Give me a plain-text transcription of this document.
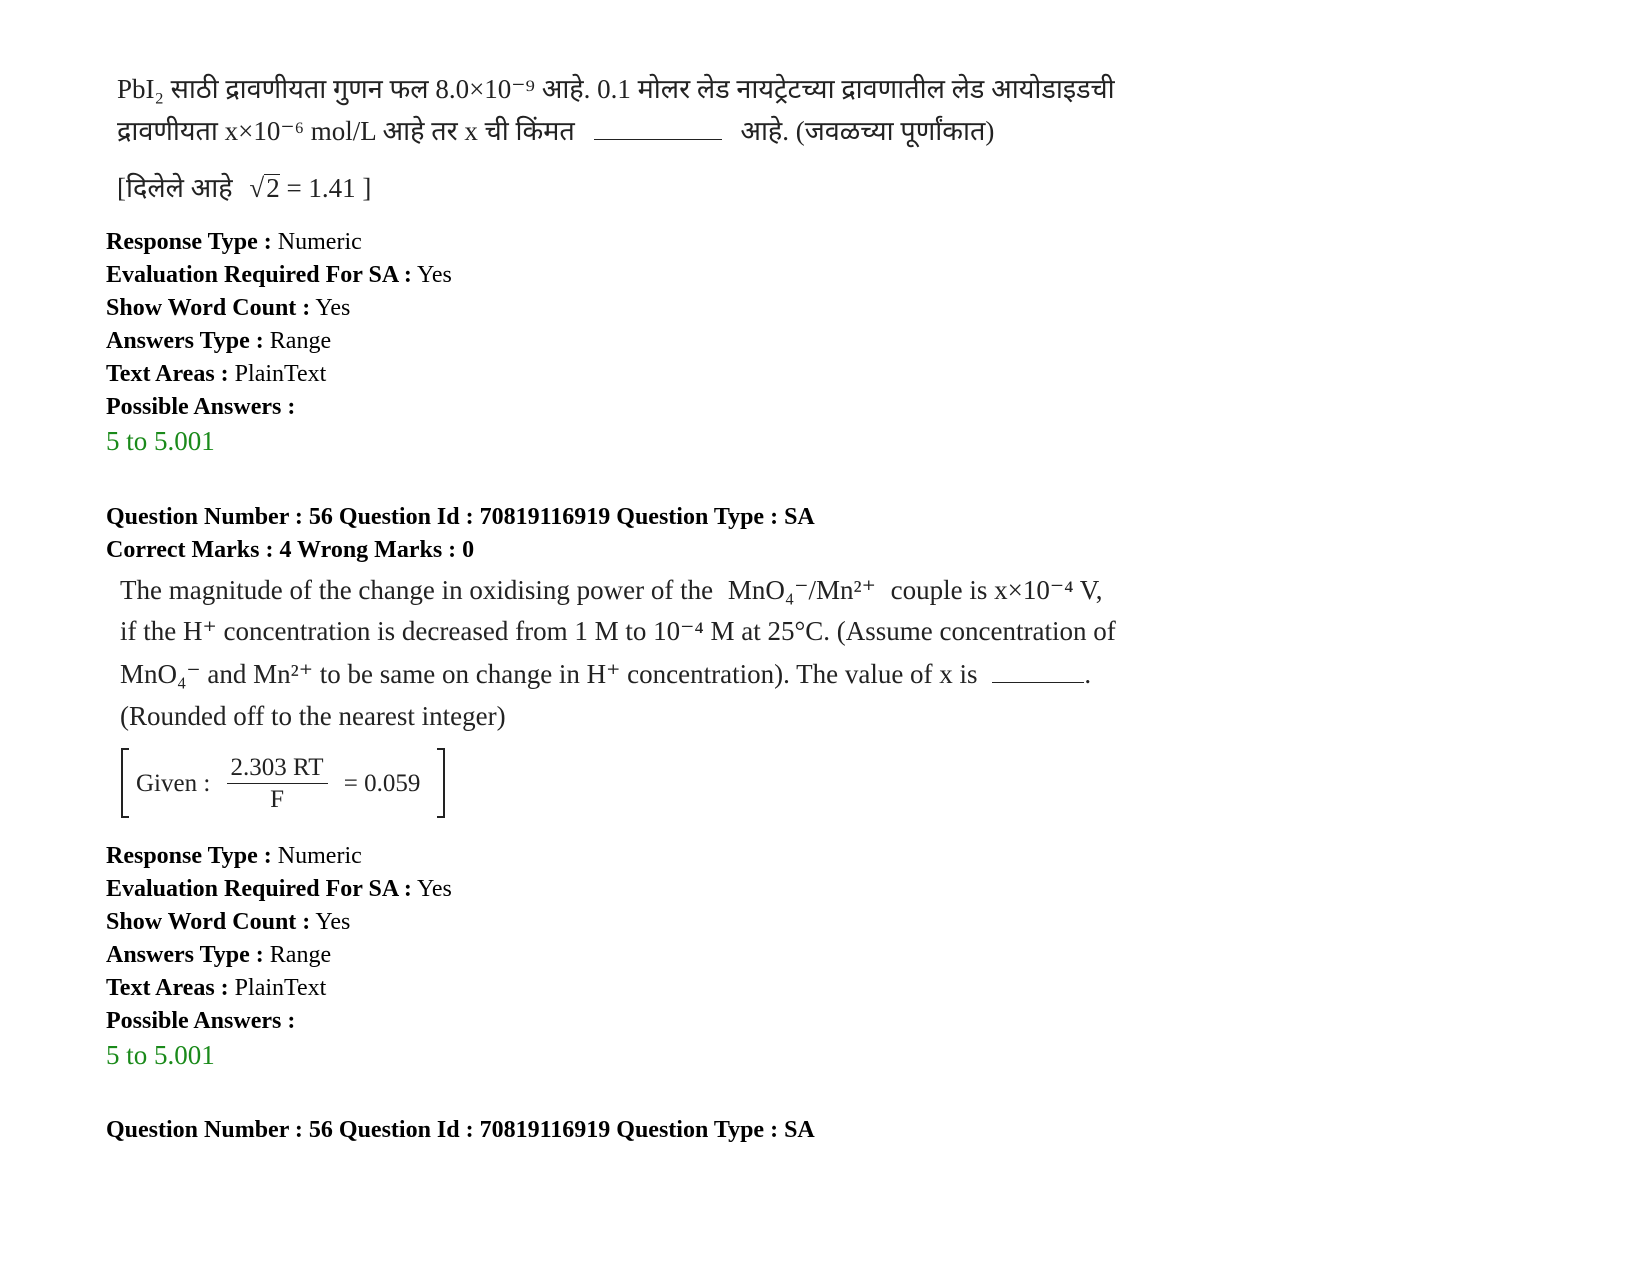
PbI₂ साठी द्रावणीयता गुणन फल 8.0×10⁻⁹ आहे. 0.1 मोलर लेड नायट्रेटच्या द्रावणातील लेड आयोडाइडची
द्रावणीयता x×10⁻⁶ mol/L आहे तर x ची किंमत	आहे. (जवळच्या पूर्णांकात)
[दिलेले आहे √2 = 1.41 ]
Response Type : Numeric
Evaluation Required For SA : Yes
Show Word Count : Yes
Answers Type : Range
Text Areas : PlainText
Possible Answers :
5 to 5.001
Question Number : 56 Question Id : 70819116919 Question Type : SA
Correct Marks : 4 Wrong Marks : 0
The magnitude of the change in oxidising power of the MnO₄⁻/Mn²⁺ couple is x×10⁻⁴ V,
if the H⁺ concentration is decreased from 1 M to 10⁻⁴ M at 25°C. (Assume concentration of
MnO₄⁻ and Mn²⁺ to be same on change in H⁺ concentration). The value of x is	.
(Rounded off to the nearest integer)
Given : $\frac{2.303 RT}{F} = 0.059$
Response Type : Numeric
Evaluation Required For SA : Yes
Show Word Count : Yes
Answers Type : Range
Text Areas : PlainText
Possible Answers :
5 to 5.001
Question Number : 56 Question Id : 70819116919 Question Type : SA
